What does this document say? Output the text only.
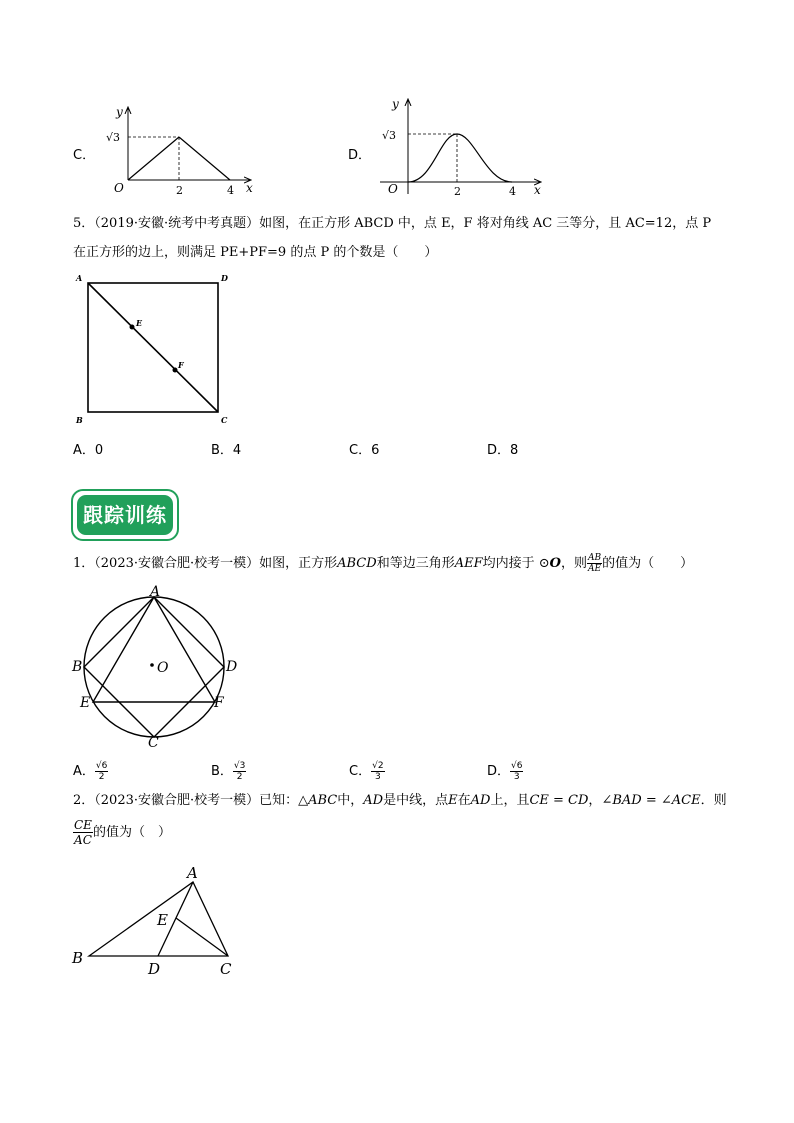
C．
y
x
O
√3
2	4
D．
y
x
O
√3
2	4
5．（2019·安徽·统考中考真题）如图，在正方形 ABCD 中，点 E，F 将对角线 AC 三等分，且 AC=12，点 P
在正方形的边上，则满足 PE+PF=9 的点 P 的个数是（　　）
A	D
B	C
E
F
A．0	B．4	C．6	D．8
跟踪训练
1．（2023·安徽合肥·校考一模）如图，正方形ABCD和等边三角形AEF均内接于 ⊙O，则 $\frac{AB}{AE}$ 的值为（　　）
A
B	D
E	F
C
O
A． $\frac{√6}{2}$	B． $\frac{√3}{2}$	C． $\frac{√2}{3}$	D． $\frac{√6}{3}$
2．（2023·安徽合肥·校考一模）已知：△ABC中，AD是中线，点E在AD上，且CE = CD，∠BAD = ∠ACE．则
$\frac{CE}{AC}$ 的值为（　）
A
B
D	C
E
